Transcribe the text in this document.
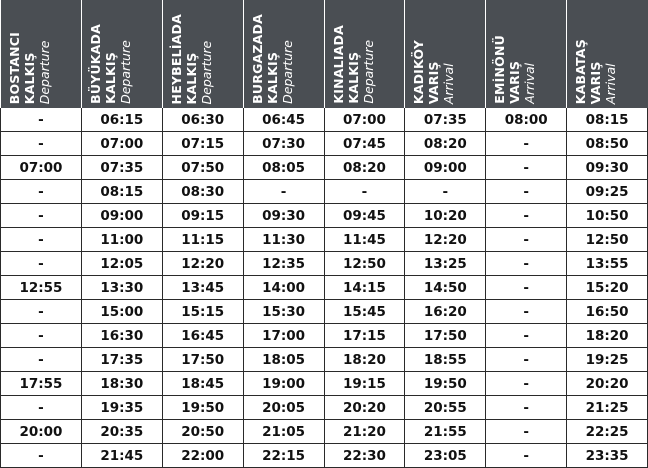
BOSTANCI KALKIŞ Departure	BÜYÜKADA KALKIŞ Departure	HEYBELİADA KALKIŞ Departure	BURGAZADA KALKIŞ Departure	KINALIADA KALKIŞ Departure	KADIKÖY VARIŞ Arrival	EMİNÖNÜ VARIŞ Arrival	KABATAŞ VARIŞ Arrival

-	06:15	06:30	06:45	07:00	07:35	08:00	08:15
-	07:00	07:15	07:30	07:45	08:20	-	08:50
07:00	07:35	07:50	08:05	08:20	09:00	-	09:30
-	08:15	08:30	-	-	-	-	09:25
-	09:00	09:15	09:30	09:45	10:20	-	10:50
-	11:00	11:15	11:30	11:45	12:20	-	12:50
-	12:05	12:20	12:35	12:50	13:25	-	13:55
12:55	13:30	13:45	14:00	14:15	14:50	-	15:20
-	15:00	15:15	15:30	15:45	16:20	-	16:50
-	16:30	16:45	17:00	17:15	17:50	-	18:20
-	17:35	17:50	18:05	18:20	18:55	-	19:25
17:55	18:30	18:45	19:00	19:15	19:50	-	20:20
-	19:35	19:50	20:05	20:20	20:55	-	21:25
20:00	20:35	20:50	21:05	21:20	21:55	-	22:25
-	21:45	22:00	22:15	22:30	23:05	-	23:35
